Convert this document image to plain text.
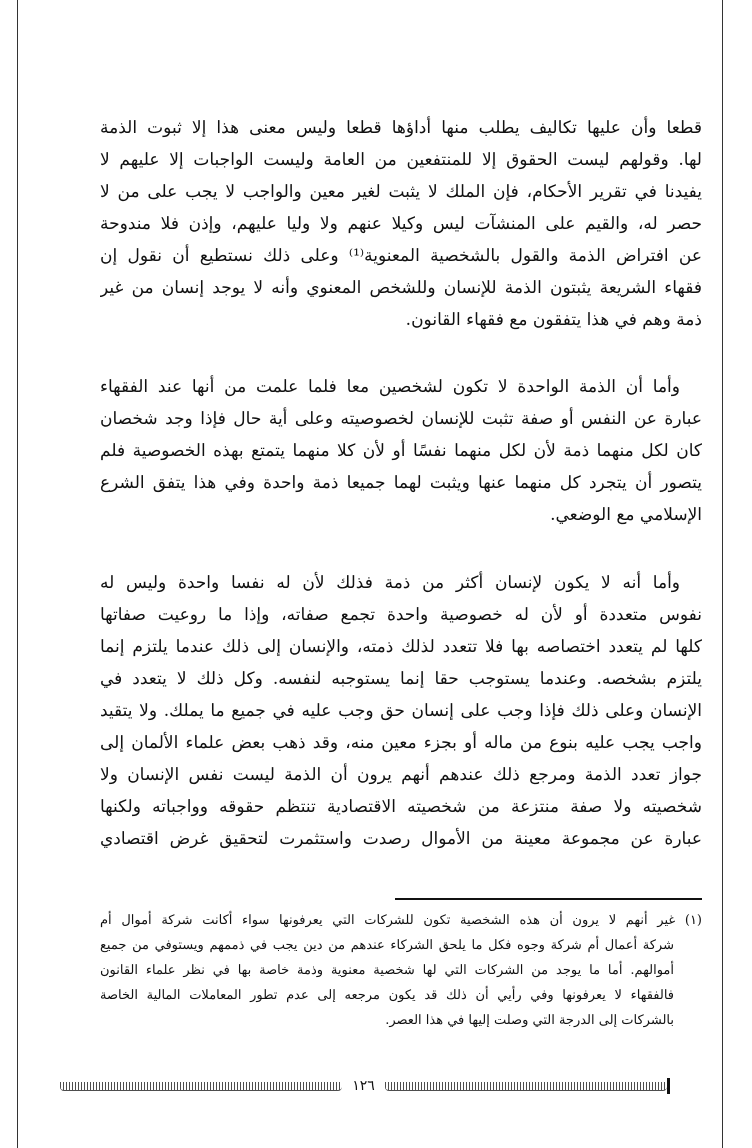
قطعا وأن عليها تكاليف يطلب منها أداؤها قطعا وليس معنى هذا إلا ثبوت الذمة
لها. وقولهم ليست الحقوق إلا للمنتفعين من العامة وليست الواجبات إلا عليهم لا
يفيدنا في تقرير الأحكام، فإن الملك لا يثبت لغير معين والواجب لا يجب على من لا
حصر له، والقيم على المنشآت ليس وكيلا عنهم ولا وليا عليهم، وإذن فلا مندوحة
عن افتراض الذمة والقول بالشخصية المعنوية⁽¹⁾ وعلى ذلك نستطيع أن نقول إن
فقهاء الشريعة يثبتون الذمة للإنسان وللشخص المعنوي وأنه لا يوجد إنسان من غير
ذمة وهم في هذا يتفقون مع فقهاء القانون.
وأما أن الذمة الواحدة لا تكون لشخصين معا فلما علمت من أنها عند الفقهاء
عبارة عن النفس أو صفة تثبت للإنسان لخصوصيته وعلى أية حال فإذا وجد شخصان
كان لكل منهما ذمة لأن لكل منهما نفسًا أو لأن كلا منهما يتمتع بهذه الخصوصية فلم
يتصور أن يتجرد كل منهما عنها ويثبت لهما جميعا ذمة واحدة وفي هذا يتفق الشرع
الإسلامي مع الوضعي.
وأما أنه لا يكون لإنسان أكثر من ذمة فذلك لأن له نفسا واحدة وليس له
نفوس متعددة أو لأن له خصوصية واحدة تجمع صفاته، وإذا ما روعيت صفاتها
كلها لم يتعدد اختصاصه بها فلا تتعدد لذلك ذمته، والإنسان إلى ذلك عندما يلتزم إنما
يلتزم بشخصه. وعندما يستوجب حقا إنما يستوجبه لنفسه. وكل ذلك لا يتعدد في
الإنسان وعلى ذلك فإذا وجب على إنسان حق وجب عليه في جميع ما يملك. ولا يتقيد
واجب يجب عليه بنوع من ماله أو بجزء معين منه، وقد ذهب بعض علماء الألمان إلى
جواز تعدد الذمة ومرجع ذلك عندهم أنهم يرون أن الذمة ليست نفس الإنسان ولا
شخصيته ولا صفة منتزعة من شخصيته الاقتصادية تنتظم حقوقه وواجباته ولكنها
عبارة عن مجموعة معينة من الأموال رصدت واستثمرت لتحقيق غرض اقتصادي
(١) غير أنهم لا يرون أن هذه الشخصية تكون للشركات التي يعرفونها سواء أكانت شركة أموال أم
شركة أعمال أم شركة وجوه فكل ما يلحق الشركاء عندهم من دين يجب في ذممهم ويستوفي من جميع
أموالهم. أما ما يوجد من الشركات التي لها شخصية معنوية وذمة خاصة بها في نظر علماء القانون
فالفقهاء لا يعرفونها وفي رأيي أن ذلك قد يكون مرجعه إلى عدم تطور المعاملات المالية الخاصة
بالشركات إلى الدرجة التي وصلت إليها في هذا العصر.
١٢٦
